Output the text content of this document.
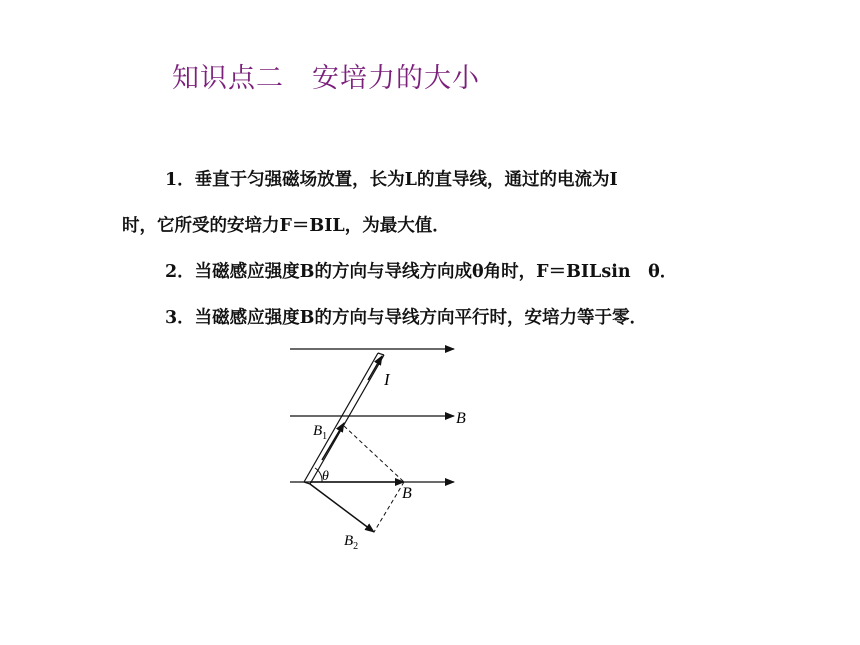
知识点二　安培力的大小
1．垂直于匀强磁场放置，长为L的直导线，通过的电流为I
时，它所受的安培力F＝BIL，为最大值．
2．当磁感应强度B的方向与导线方向成θ角时，F＝BILsin　θ．
3．当磁感应强度B的方向与导线方向平行时，安培力等于零．
I
B
B
θ
$B_1$
$B_2$
